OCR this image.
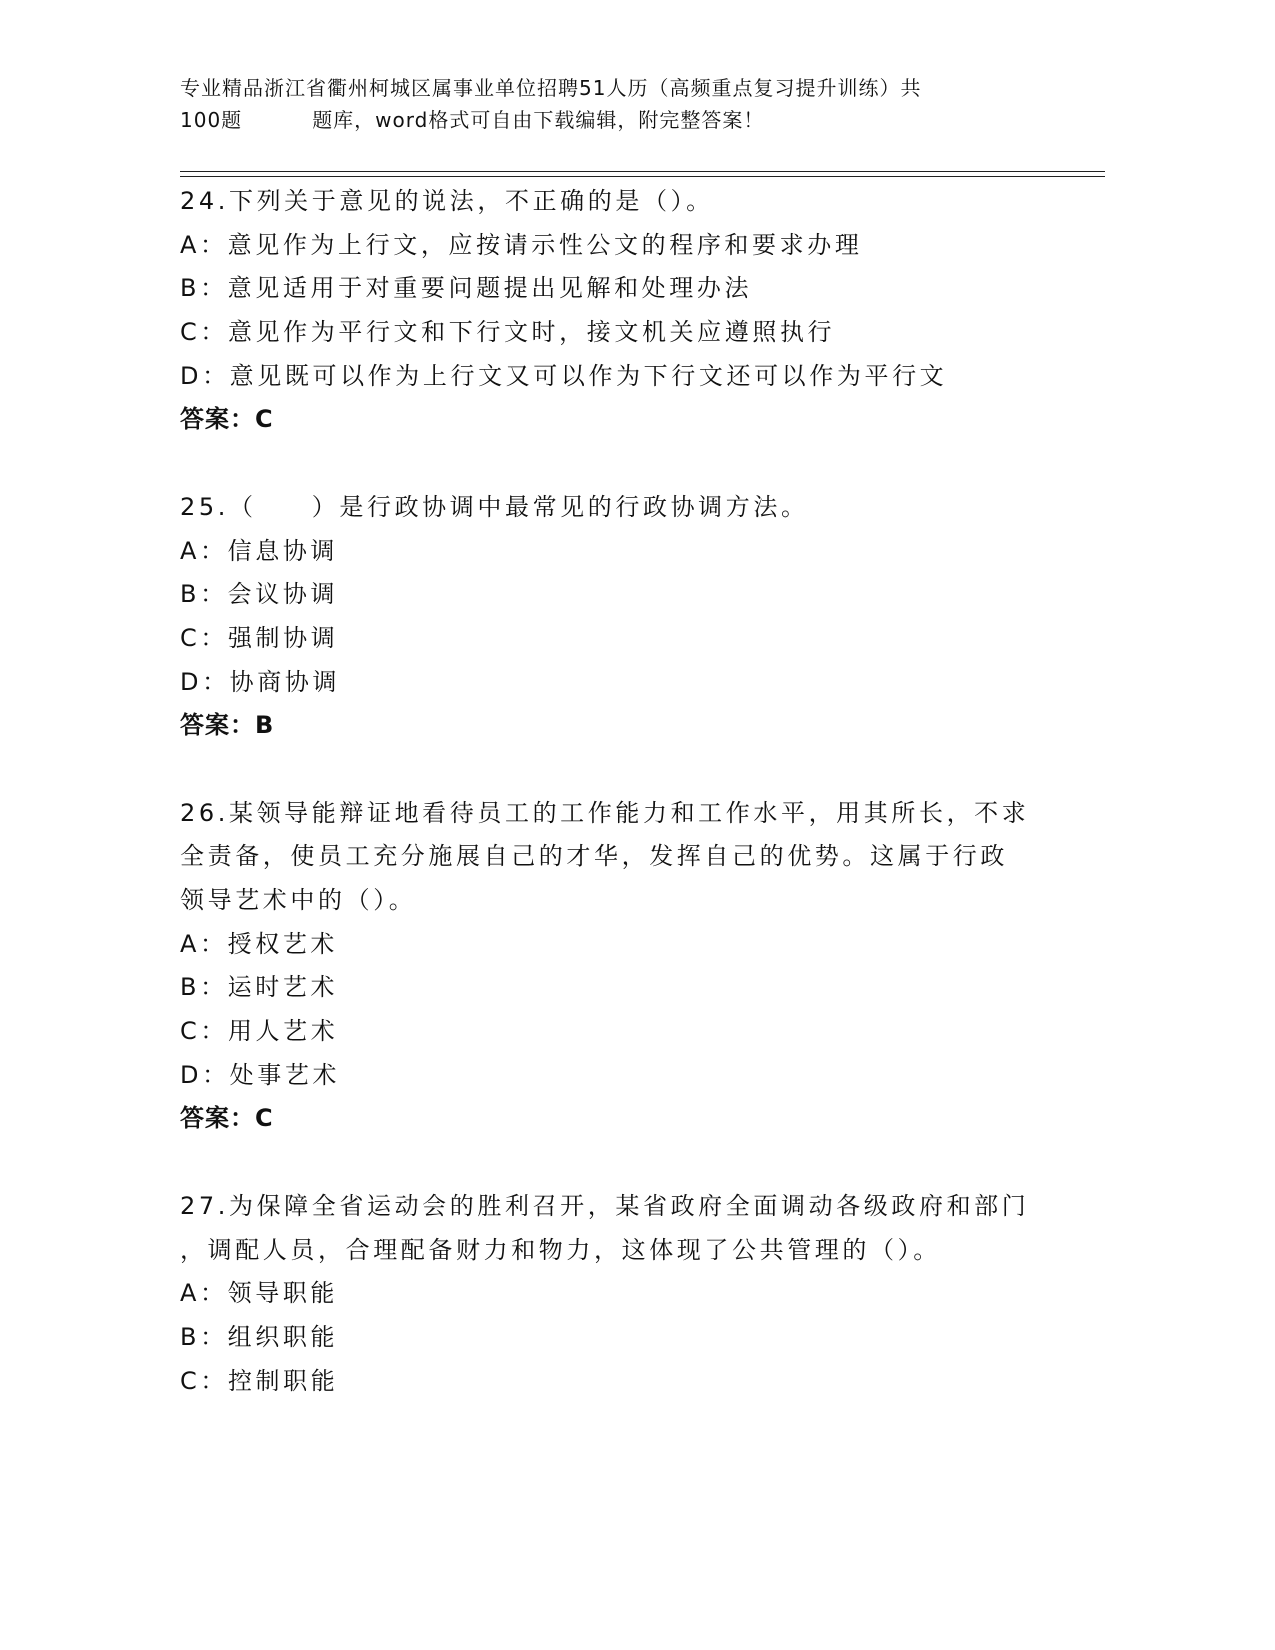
专业精品浙江省衢州柯城区属事业单位招聘51人历（高频重点复习提升训练）共
100题	题库，word格式可自由下载编辑，附完整答案！
24.下列关于意见的说法，不正确的是（）。
A：意见作为上行文，应按请示性公文的程序和要求办理
B：意见适用于对重要问题提出见解和处理办法
C：意见作为平行文和下行文时，接文机关应遵照执行
D：意见既可以作为上行文又可以作为下行文还可以作为平行文
答案：C
25.（　　）是行政协调中最常见的行政协调方法。
A：信息协调
B：会议协调
C：强制协调
D：协商协调
答案：B
26.某领导能辩证地看待员工的工作能力和工作水平，用其所长，不求
全责备，使员工充分施展自己的才华，发挥自己的优势。这属于行政
领导艺术中的（）。
A：授权艺术
B：运时艺术
C：用人艺术
D：处事艺术
答案：C
27.为保障全省运动会的胜利召开，某省政府全面调动各级政府和部门
，调配人员，合理配备财力和物力，这体现了公共管理的（）。
A：领导职能
B：组织职能
C：控制职能
